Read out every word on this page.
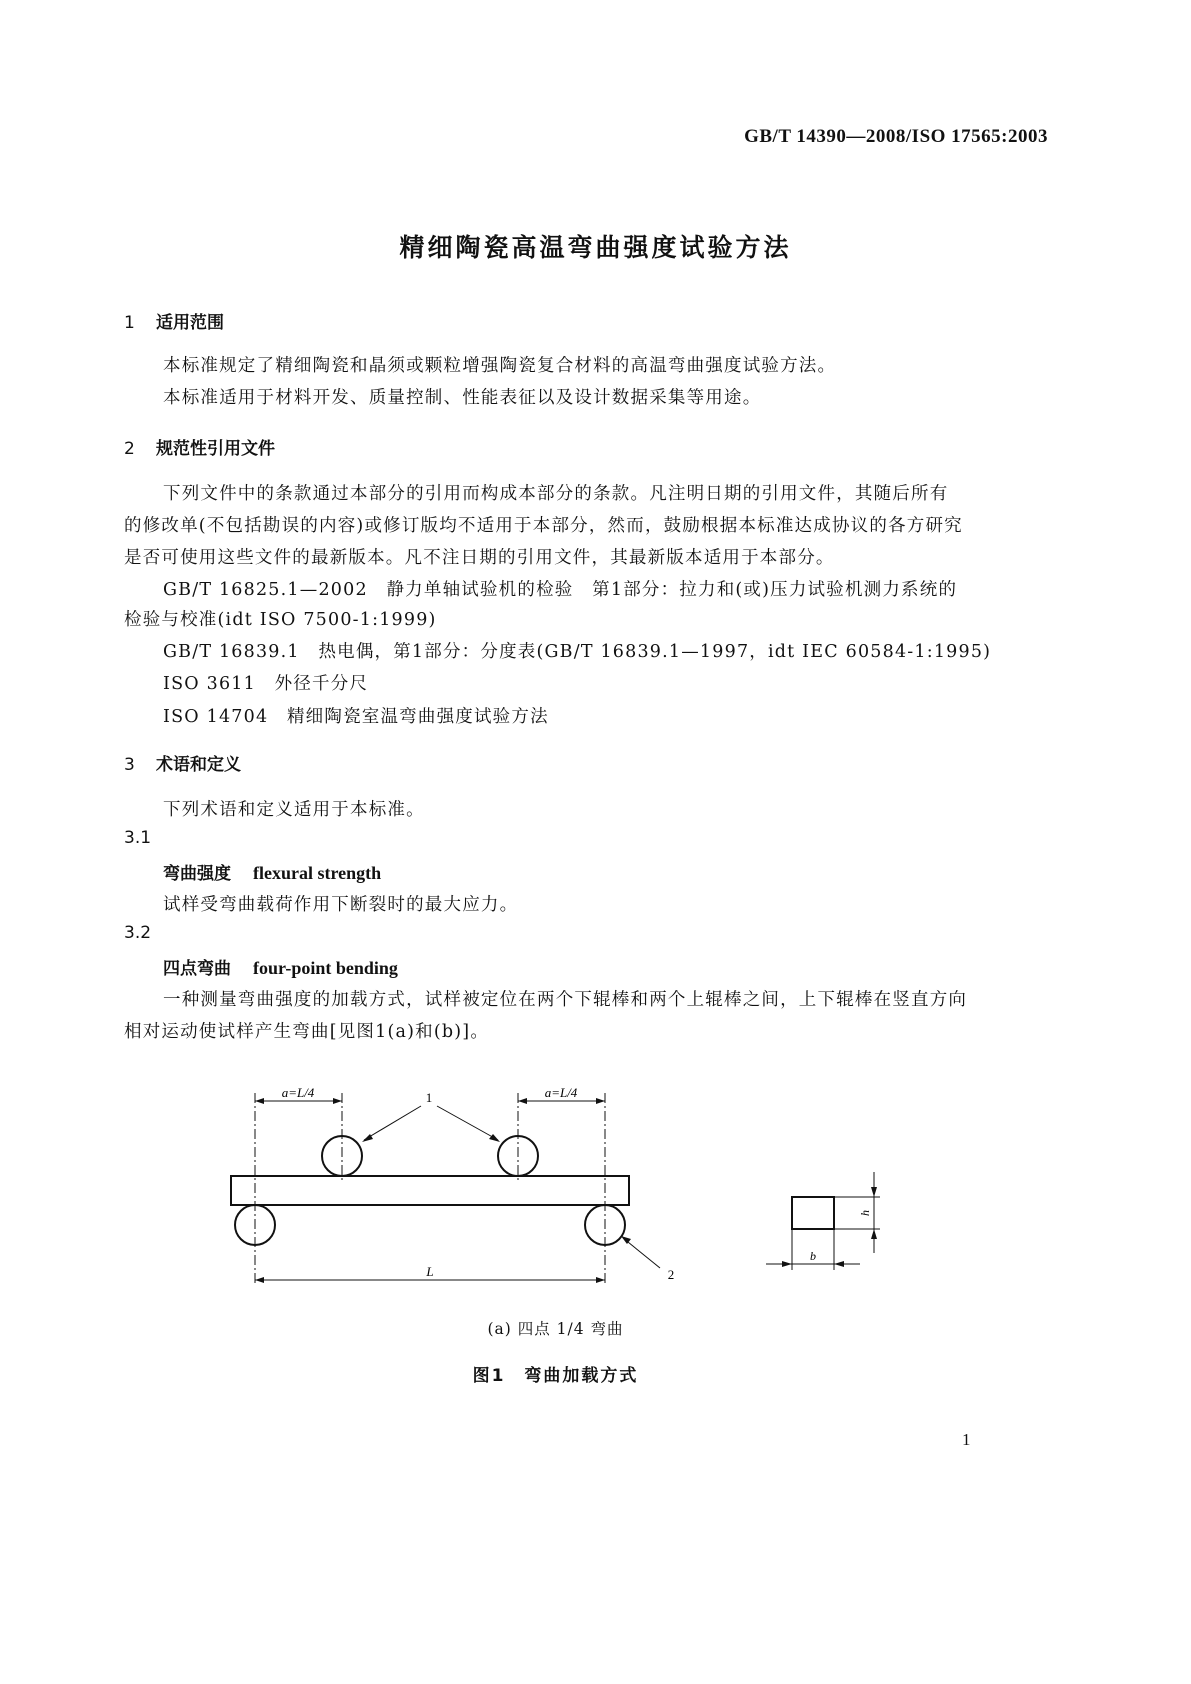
GB/T 14390—2008/ISO 17565:2003
精细陶瓷高温弯曲强度试验方法
1 适用范围
本标准规定了精细陶瓷和晶须或颗粒增强陶瓷复合材料的高温弯曲强度试验方法。
本标准适用于材料开发、质量控制、性能表征以及设计数据采集等用途。
2 规范性引用文件
下列文件中的条款通过本部分的引用而构成本部分的条款。凡注明日期的引用文件，其随后所有
的修改单(不包括勘误的内容)或修订版均不适用于本部分，然而，鼓励根据本标准达成协议的各方研究
是否可使用这些文件的最新版本。凡不注日期的引用文件，其最新版本适用于本部分。
GB/T 16825.1—2002　静力单轴试验机的检验　第1部分：拉力和(或)压力试验机测力系统的
检验与校准(idt ISO 7500-1:1999)
GB/T 16839.1　热电偶，第1部分：分度表(GB/T 16839.1—1997，idt IEC 60584-1:1995)
ISO 3611　外径千分尺
ISO 14704　精细陶瓷室温弯曲强度试验方法
3 术语和定义
下列术语和定义适用于本标准。
3.1
弯曲强度 flexural strength
试样受弯曲载荷作用下断裂时的最大应力。
3.2
四点弯曲 four-point bending
一种测量弯曲强度的加载方式，试样被定位在两个下辊棒和两个上辊棒之间，上下辊棒在竖直方向
相对运动使试样产生弯曲[见图1(a)和(b)]。
a=L/4	a=L/4
L
1
2
h
b
(a) 四点 1/4 弯曲
图1　弯曲加载方式
1
